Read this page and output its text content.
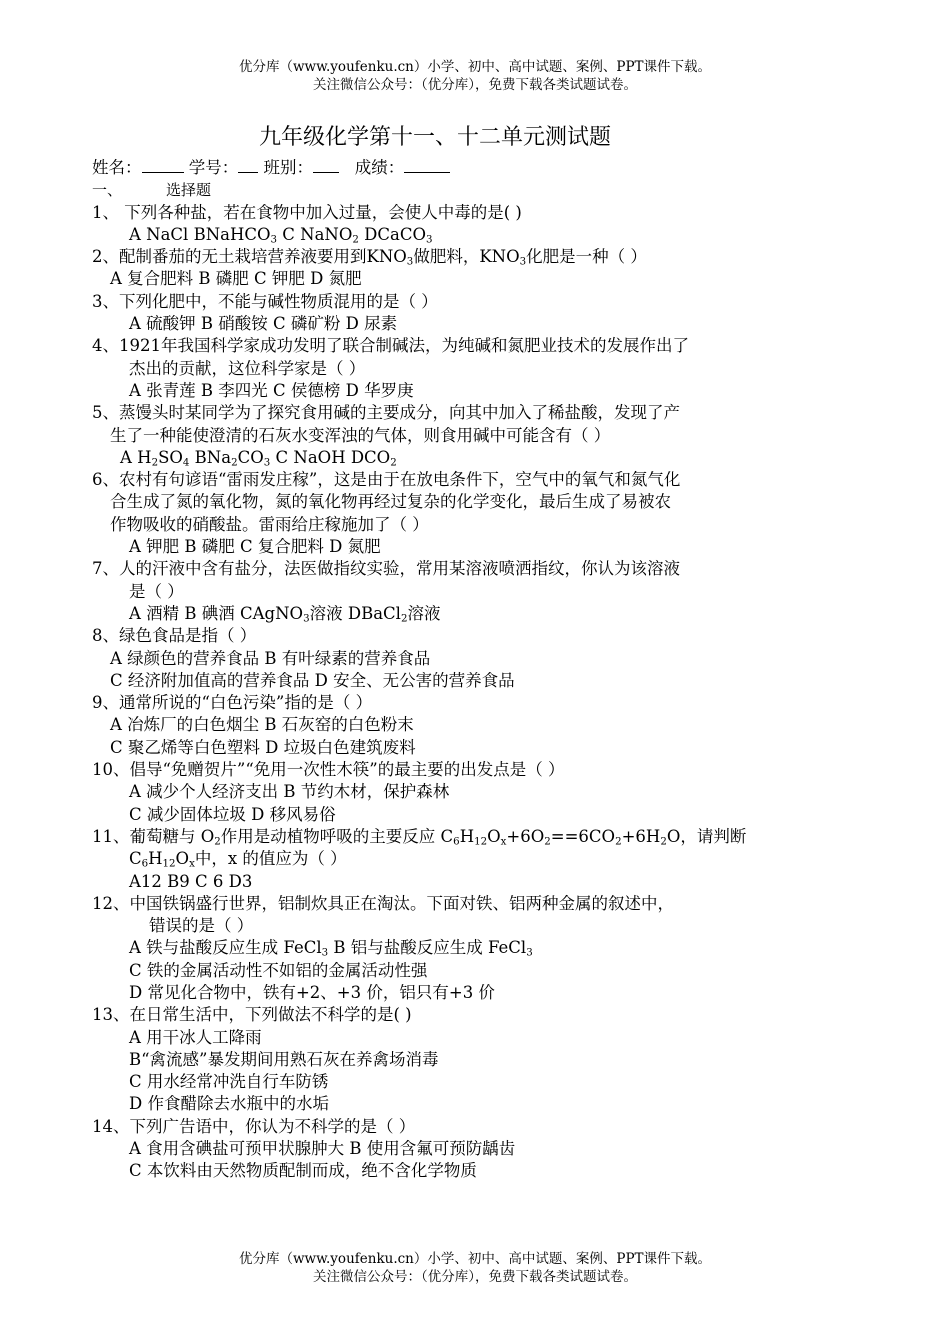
优分库（www.youfenku.cn）小学、初中、高中试题、案例、PPT课件下载。
关注微信公众号：（优分库），免费下载各类试题试卷。
九年级化学第十一、十二单元测试题
姓名：	学号： 班别：	成绩：
一、	选择题
1、 下列各种盐，若在食物中加入过量，会使人中毒的是( )
A NaCl BNaHCO$_3$ C NaNO$_2$ DCaCO$_3$
2、配制番茄的无土栽培营养液要用到$KNO_3$做肥料，$KNO_3$化肥是一种（ ）
A 复合肥料 B 磷肥 C 钾肥 D 氮肥
3、下列化肥中，不能与碱性物质混用的是（ ）
A 硫酸钾 B 硝酸铵 C 磷矿粉 D 尿素
4、1921年我国科学家成功发明了联合制碱法，为纯碱和氮肥业技术的发展作出了
杰出的贡献，这位科学家是（ ）
A 张青莲 B 李四光 C 侯德榜 D 华罗庚
5、蒸馒头时某同学为了探究食用碱的主要成分，向其中加入了稀盐酸，发现了产
生了一种能使澄清的石灰水变浑浊的气体，则食用碱中可能含有（ ）
A $H_2SO_4$ $BNa_2CO_3$ C NaOH $DCO_2$
6、农村有句谚语“雷雨发庄稼”，这是由于在放电条件下，空气中的氧气和氮气化
合生成了氮的氧化物，氮的氧化物再经过复杂的化学变化，最后生成了易被农
作物吸收的硝酸盐。雷雨给庄稼施加了（ ）
A 钾肥 B 磷肥 C 复合肥料 D 氮肥
7、人的汗液中含有盐分，法医做指纹实验，常用某溶液喷洒指纹，你认为该溶液
是（ ）
A 酒精 B 碘酒 CAgNO$_3$溶液 DBaCl$_2$溶液
8、绿色食品是指（ ）
A 绿颜色的营养食品 B 有叶绿素的营养食品
C 经济附加值高的营养食品 D 安全、无公害的营养食品
9、通常所说的“白色污染”指的是（ ）
A 冶炼厂的白色烟尘 B 石灰窑的白色粉末
C 聚乙烯等白色塑料 D 垃圾白色建筑废料
10、倡导“免赠贺片”“免用一次性木筷”的最主要的出发点是（ ）
A 减少个人经济支出 B 节约木材，保护森林
C 减少固体垃圾 D 移风易俗
11、葡萄糖与 $O_2$作用是动植物呼吸的主要反应 $C_6H_{12}O_x+6O_2==6CO_2+6H_2O$，请判断
$C_6H_{12}O_x$中，x 的值应为（ ）
A12 B9 C 6 D3
12、中国铁锅盛行世界，铝制炊具正在淘汰。下面对铁、铝两种金属的叙述中，
错误的是（ ）
A 铁与盐酸反应生成 FeCl$_3$ B 铝与盐酸反应生成 FeCl$_3$
C 铁的金属活动性不如铝的金属活动性强
D 常见化合物中，铁有+2、+3 价，铝只有+3 价
13、在日常生活中，下列做法不科学的是( )
A 用干冰人工降雨
B“禽流感”暴发期间用熟石灰在养禽场消毒
C 用水经常冲洗自行车防锈
D 作食醋除去水瓶中的水垢
14、下列广告语中，你认为不科学的是（ ）
A 食用含碘盐可预甲状腺肿大 B 使用含氟可预防龋齿
C 本饮料由天然物质配制而成，绝不含化学物质
优分库（www.youfenku.cn）小学、初中、高中试题、案例、PPT课件下载。
关注微信公众号：（优分库），免费下载各类试题试卷。
